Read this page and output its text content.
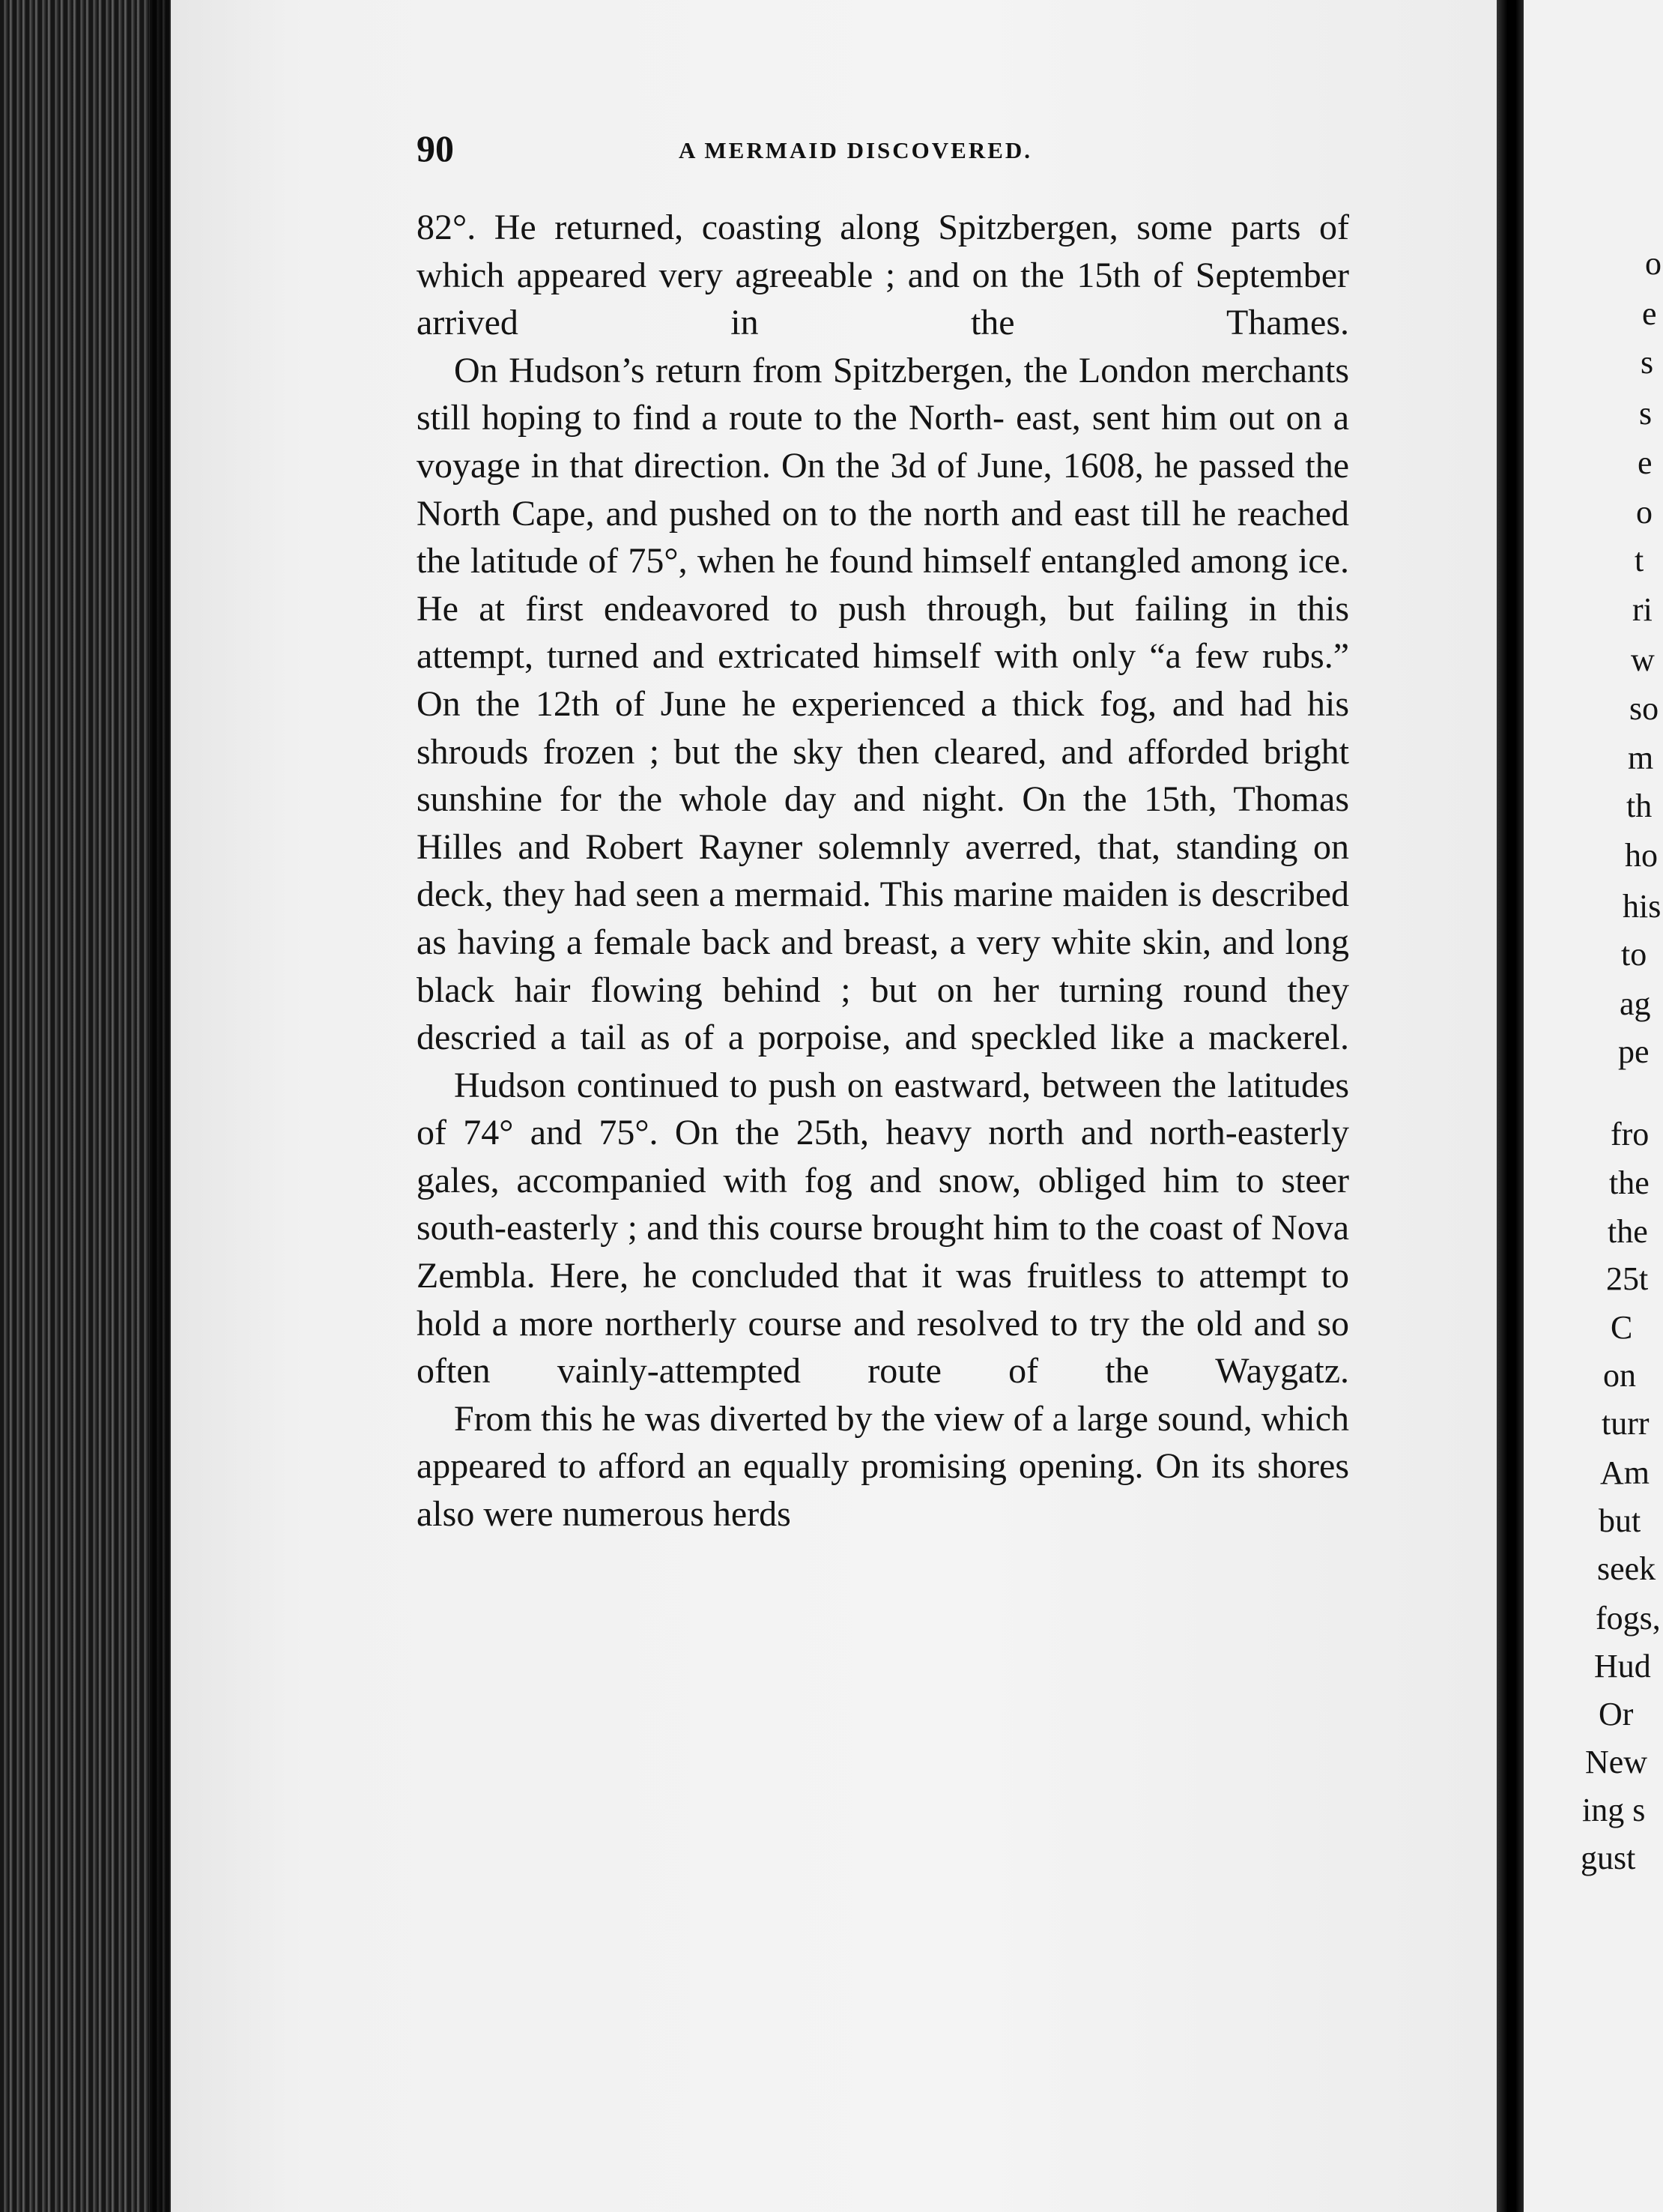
90	A MERMAID DISCOVERED.

82°. He returned, coasting along Spitzbergen, some parts of which appeared very agreeable ; and on the 15th of September arrived in the Thames.

On Hudson’s return from Spitzbergen, the London merchants still hoping to find a route to the North- east, sent him out on a voyage in that direction. On the 3d of June, 1608, he passed the North Cape, and pushed on to the north and east till he reached the latitude of 75°, when he found himself entangled among ice. He at first endeavored to push through, but failing in this attempt, turned and extricated himself with only “a few rubs.” On the 12th of June he experienced a thick fog, and had his shrouds frozen ; but the sky then cleared, and afforded bright sunshine for the whole day and night. On the 15th, Thomas Hilles and Robert Rayner solemnly averred, that, standing on deck, they had seen a mermaid. This marine maiden is described as having a female back and breast, a very white skin, and long black hair flowing behind ; but on her turning round they descried a tail as of a porpoise, and speckled like a mackerel.

Hudson continued to push on eastward, between the latitudes of 74° and 75°. On the 25th, heavy north and north-easterly gales, accompanied with fog and snow, obliged him to steer south-easterly ; and this course brought him to the coast of Nova Zembla. Here, he concluded that it was fruitless to attempt to hold a more northerly course and resolved to try the old and so often vainly-attempted route of the Waygatz.

From this he was diverted by the view of a large sound, which appeared to afford an equally promising opening. On its shores also were numerous herds

o
e
s
s
e
o
t
ri
w
so
m
th
ho
his
to
ag
pe
fro
the
the
25t
C
on
turr
Am
but
seek
fogs,
Hud
Or
New
ing s
gust
